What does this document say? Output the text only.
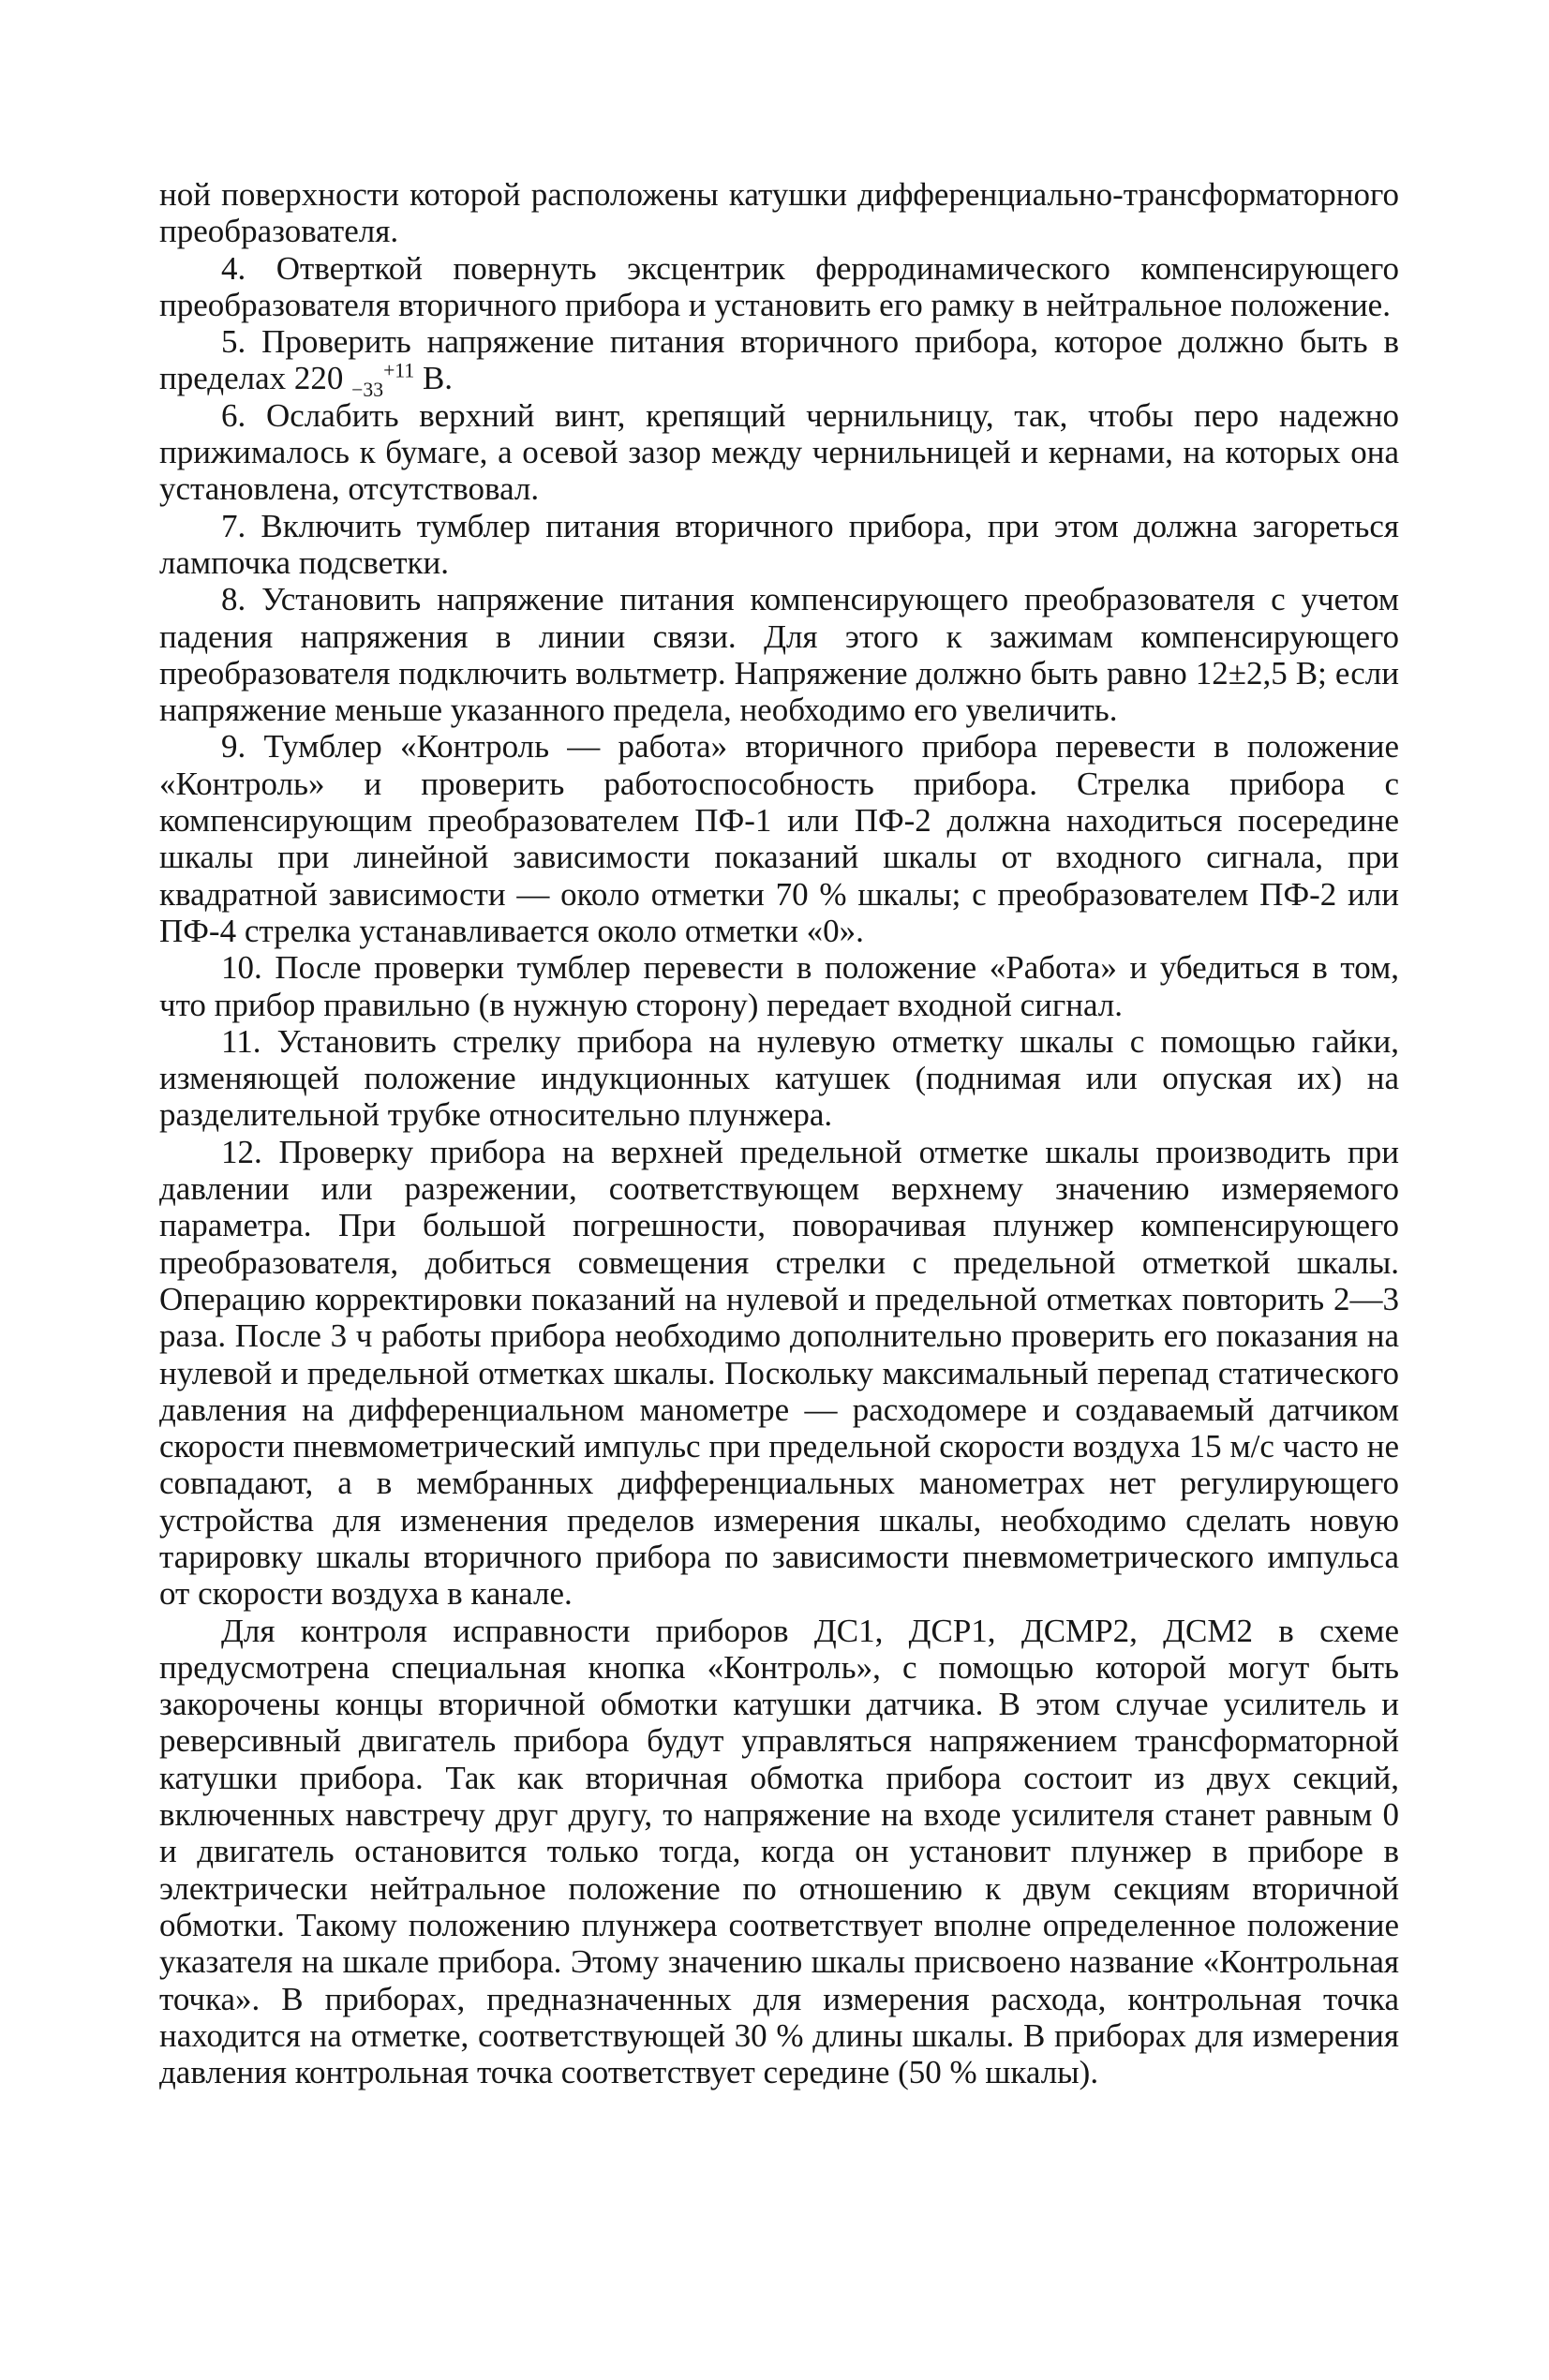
ной поверхности которой расположены катушки дифференциально-трансформаторного преобразователя.

4. Отверткой повернуть эксцентрик ферродинамического компенсирующего преобразователя вторичного прибора и установить его рамку в нейтральное положение.

5. Проверить напряжение питания вторичного прибора, которое должно быть в пределах 220 $_{-33}^{+11}$ В.

6. Ослабить верхний винт, крепящий чернильницу, так, чтобы перо надежно прижималось к бумаге, а осевой зазор между чернильницей и кернами, на которых она установлена, отсутствовал.

7. Включить тумблер питания вторичного прибора, при этом должна загореться лампочка подсветки.

8. Установить напряжение питания компенсирующего преобразователя с учетом падения напряжения в линии связи. Для этого к зажимам компенсирующего преобразователя подключить вольтметр. Напряжение должно быть равно 12±2,5 В; если напряжение меньше указанного предела, необходимо его увеличить.

9. Тумблер «Контроль — работа» вторичного прибора перевести в положение «Контроль» и проверить работоспособность прибора. Стрелка прибора с компенсирующим преобразователем ПФ-1 или ПФ-2 должна находиться посередине шкалы при линейной зависимости показаний шкалы от входного сигнала, при квадратной зависимости — около отметки 70 % шкалы; с преобразователем ПФ-2 или ПФ-4 стрелка устанавливается около отметки «0».

10. После проверки тумблер перевести в положение «Работа» и убедиться в том, что прибор правильно (в нужную сторону) передает входной сигнал.

11. Установить стрелку прибора на нулевую отметку шкалы с помощью гайки, изменяющей положение индукционных катушек (поднимая или опуская их) на разделительной трубке относительно плунжера.

12. Проверку прибора на верхней предельной отметке шкалы производить при давлении или разрежении, соответствующем верхнему значению измеряемого параметра. При большой погрешности, поворачивая плунжер компенсирующего преобразователя, добиться совмещения стрелки с предельной отметкой шкалы. Операцию корректировки показаний на нулевой и предельной отметках повторить 2—3 раза. После 3 ч работы прибора необходимо дополнительно проверить его показания на нулевой и предельной отметках шкалы. Поскольку максимальный перепад статического давления на дифференциальном манометре — расходомере и создаваемый датчиком скорости пневмометрический импульс при предельной скорости воздуха 15 м/с часто не совпадают, а в мембранных дифференциальных манометрах нет регулирующего устройства для изменения пределов измерения шкалы, необходимо сделать новую тарировку шкалы вторичного прибора по зависимости пневмометрического импульса от скорости воздуха в канале.

Для контроля исправности приборов ДС1, ДСР1, ДСМР2, ДСМ2 в схеме предусмотрена специальная кнопка «Контроль», с помощью которой могут быть закорочены концы вторичной обмотки катушки датчика. В этом случае усилитель и реверсивный двигатель прибора будут управляться напряжением трансформаторной катушки прибора. Так как вторичная обмотка прибора состоит из двух секций, включенных навстречу друг другу, то напряжение на входе усилителя станет равным 0 и двигатель остановится только тогда, когда он установит плунжер в приборе в электрически нейтральное положение по отношению к двум секциям вторичной обмотки. Такому положению плунжера соответствует вполне определенное положение указателя на шкале прибора. Этому значению шкалы присвоено название «Контрольная точка». В приборах, предназначенных для измерения расхода, контрольная точка находится на отметке, соответствующей 30 % длины шкалы. В приборах для измерения давления контрольная точка соответствует середине (50 % шкалы).
